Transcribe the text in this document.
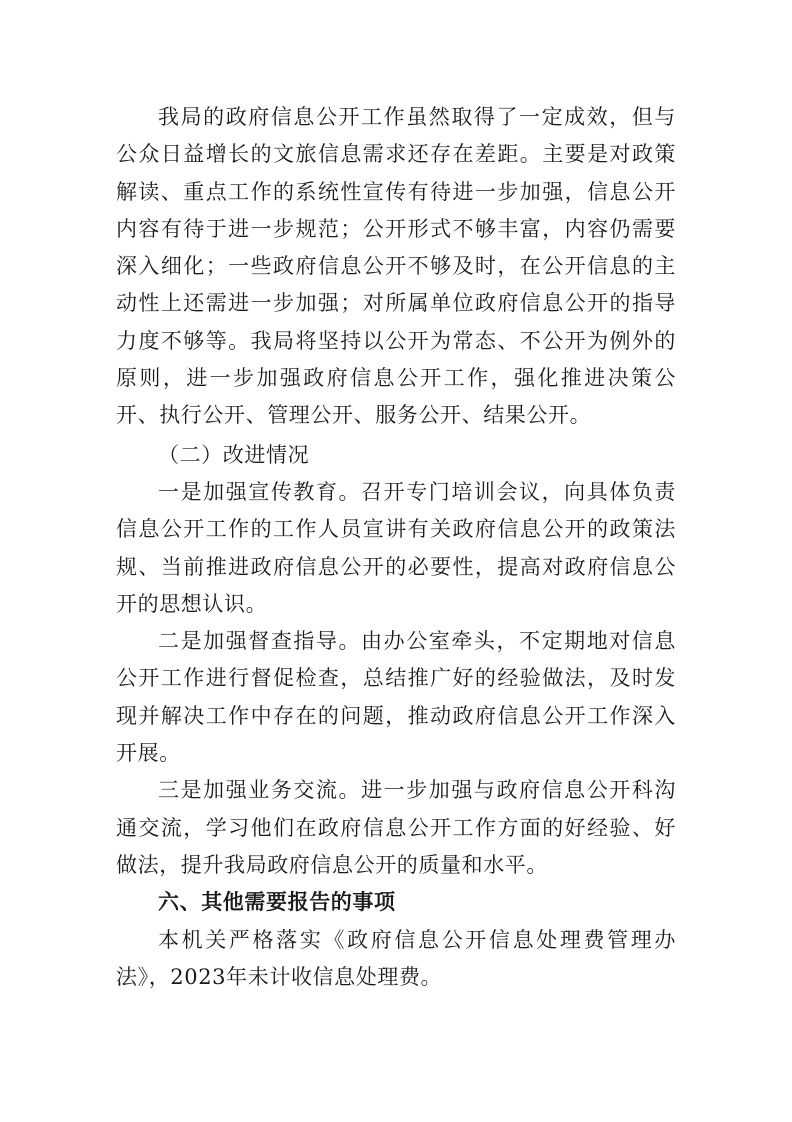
我局的政府信息公开工作虽然取得了一定成效，但与公众日益增长的文旅信息需求还存在差距。主要是对政策解读、重点工作的系统性宣传有待进一步加强，信息公开内容有待于进一步规范；公开形式不够丰富，内容仍需要深入细化；一些政府信息公开不够及时，在公开信息的主动性上还需进一步加强；对所属单位政府信息公开的指导力度不够等。我局将坚持以公开为常态、不公开为例外的原则，进一步加强政府信息公开工作，强化推进决策公开、执行公开、管理公开、服务公开、结果公开。

（二）改进情况

一是加强宣传教育。召开专门培训会议，向具体负责信息公开工作的工作人员宣讲有关政府信息公开的政策法规、当前推进政府信息公开的必要性，提高对政府信息公开的思想认识。

二是加强督查指导。由办公室牵头，不定期地对信息公开工作进行督促检查，总结推广好的经验做法，及时发现并解决工作中存在的问题，推动政府信息公开工作深入开展。

三是加强业务交流。进一步加强与政府信息公开科沟通交流，学习他们在政府信息公开工作方面的好经验、好做法，提升我局政府信息公开的质量和水平。

六、其他需要报告的事项

本机关严格落实《政府信息公开信息处理费管理办法》，2023年未计收信息处理费。
